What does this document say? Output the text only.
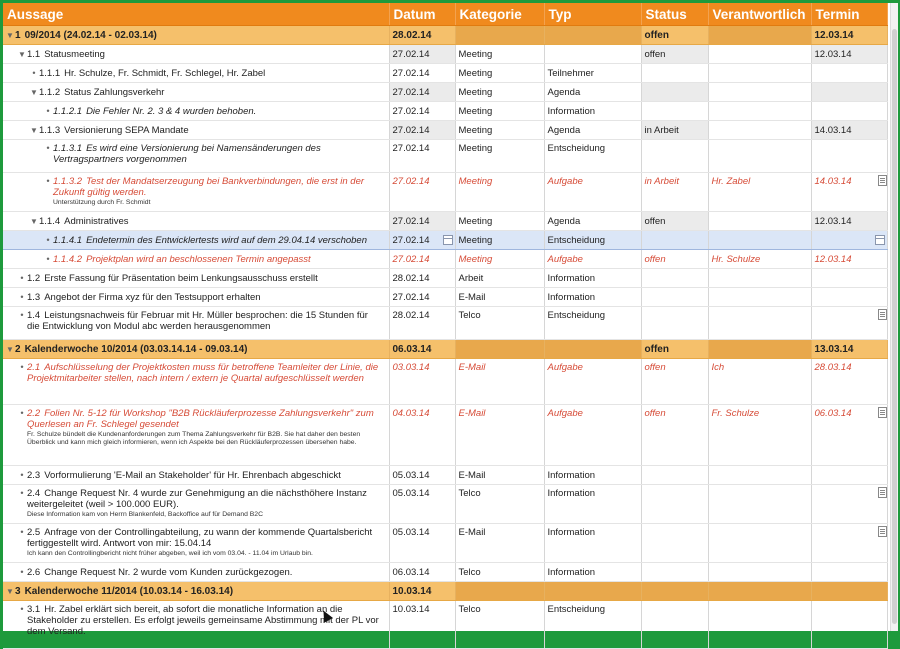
Aussage	Datum	Kategorie	Typ	Status	Verantwortlich	Termin
▼1 09/2014 (24.02.14 - 02.03.14)	28.02.14			offen		12.03.14
▼1.1 Statusmeeting	27.02.14	Meeting		offen		12.03.14
• 1.1.1 Hr. Schulze, Fr. Schmidt, Fr. Schlegel, Hr. Zabel	27.02.14	Meeting	Teilnehmer			
▼1.1.2 Status Zahlungsverkehr	27.02.14	Meeting	Agenda			
• 1.1.2.1 Die Fehler Nr. 2. 3 & 4 wurden behoben.	27.02.14	Meeting	Information			
▼1.1.3 Versionierung SEPA Mandate	27.02.14	Meeting	Agenda	in Arbeit		14.03.14
• 1.1.3.1 Es wird eine Versionierung bei Namensänderungen des Vertragspartners vorgenommen	27.02.14	Meeting	Entscheidung			
• 1.1.3.2 Test der Mandatserzeugung bei Bankverbindungen, die erst in der Zukunft gültig werden.
Unterstützung durch Fr. Schmidt	27.02.14	Meeting	Aufgabe	in Arbeit	Hr. Zabel	14.03.14

▼1.1.4 Administratives	27.02.14	Meeting	Agenda	offen		12.03.14
• 1.1.4.1 Endetermin des Entwicklertests wird auf dem 29.04.14 verschoben	27.02.14	Meeting	Entscheidung			

• 1.1.4.2 Projektplan wird an beschlossenen Termin angepasst	27.02.14	Meeting	Aufgabe	offen	Hr. Schulze	12.03.14
• 1.2 Erste Fassung für Präsentation beim Lenkungsausschuss erstellt	28.02.14	Arbeit	Information			
• 1.3 Angebot der Firma xyz für den Testsupport erhalten	27.02.14	E-Mail	Information			
• 1.4 Leistungsnachweis für Februar mit Hr. Müller besprochen: die 15 Stunden für die Entwicklung von Modul abc werden herausgenommen	28.02.14	Telco	Entscheidung			

▼2 Kalenderwoche 10/2014 (03.03.14.14 - 09.03.14)	06.03.14			offen		13.03.14
• 2.1 Aufschlüsselung der Projektkosten muss für betroffene Teamleiter der Linie, die Projektmitarbeiter stellen, nach intern / extern je Quartal aufgeschlüsselt werden	03.03.14	E-Mail	Aufgabe	offen	Ich	28.03.14
• 2.2 Folien Nr. 5-12 für Workshop "B2B Rückläuferprozesse Zahlungsverkehr" zum Querlesen an Fr. Schlegel gesendet
Fr. Schulze bündelt die Kundenanforderungen zum Thema Zahlungsverkehr für B2B. Sie hat daher den besten Überblick und kann mich gleich informieren, wenn ich Aspekte bei den Rückläuferprozessen übersehen habe.	04.03.14	E-Mail	Aufgabe	offen	Fr. Schulze	06.03.14

• 2.3 Vorformulierung 'E-Mail an Stakeholder' für Hr. Ehrenbach abgeschickt	05.03.14	E-Mail	Information			
• 2.4 Change Request Nr. 4 wurde zur Genehmigung an die nächsthöhere Instanz weitergeleitet (weil > 100.000 EUR).
Diese Information kam von Herrn Blankenfeld, Backoffice auf für Demand B2C	05.03.14	Telco	Information			

• 2.5 Anfrage von der Controllingabteilung, zu wann der kommende Quartalsbericht fertiggestellt wird. Antwort von mir: 15.04.14
Ich kann den Controllingbericht nicht früher abgeben, weil ich vom 03.04. - 11.04 im Urlaub bin.	05.03.14	E-Mail	Information			

• 2.6 Change Request Nr. 2 wurde vom Kunden zurückgezogen.	06.03.14	Telco	Information			
▼3 Kalenderwoche 11/2014 (10.03.14 - 16.03.14)	10.03.14					
• 3.1 Hr. Zabel erklärt sich bereit, ab sofort die monatliche Information an die Stakeholder zu erstellen. Es erfolgt jeweils gemeinsame Abstimmung mit der PL vor dem Versand.	10.03.14	Telco	Entscheidung			
